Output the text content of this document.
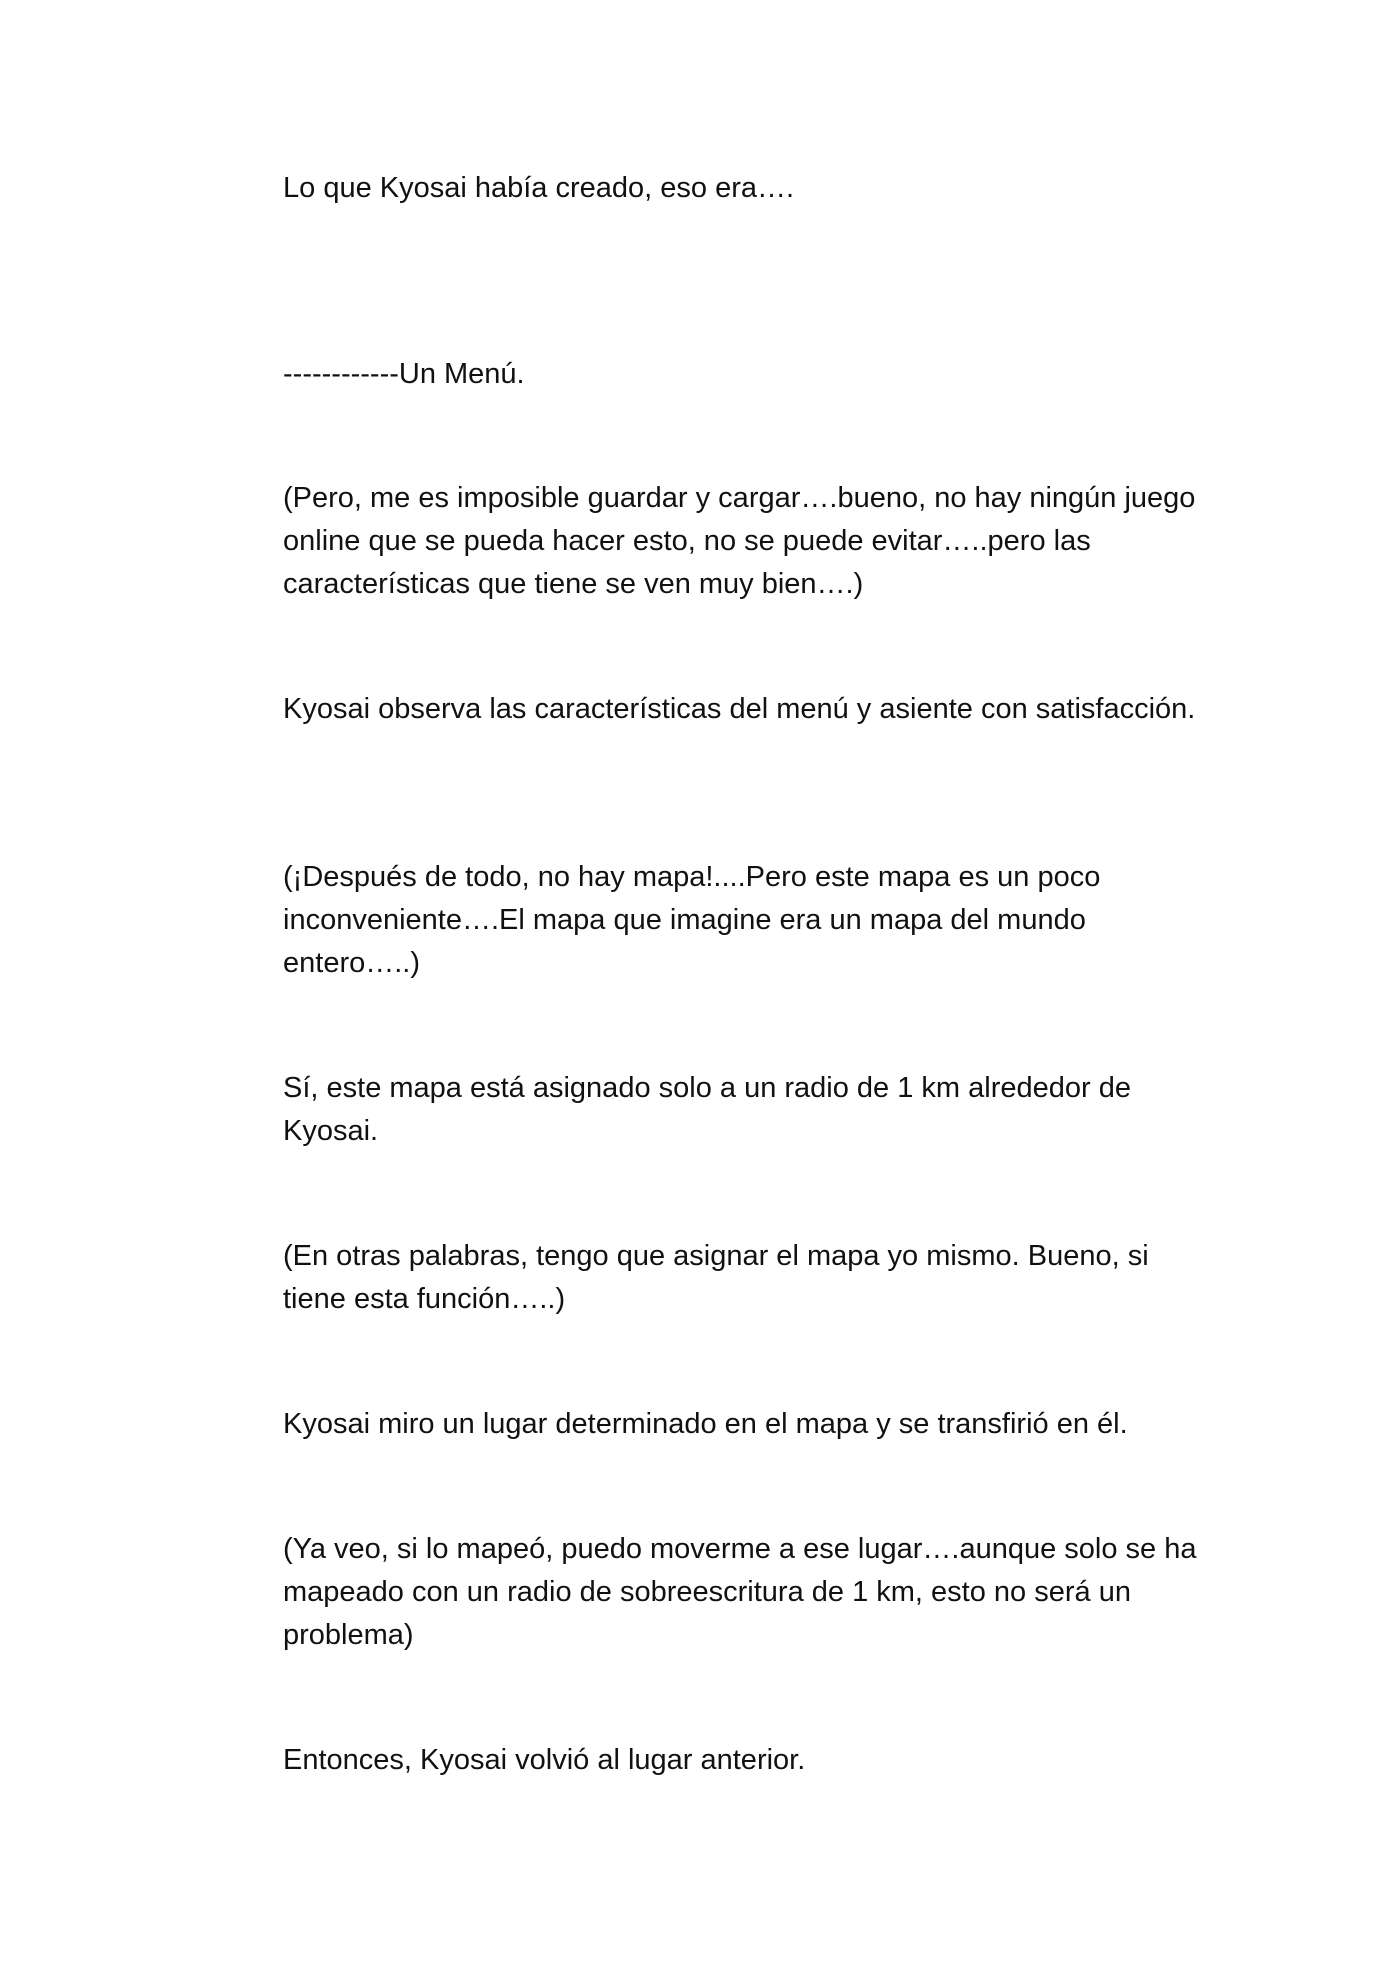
Lo que Kyosai había creado, eso era….

------------Un Menú.

(Pero, me es imposible guardar y cargar….bueno, no hay ningún juego online que se pueda hacer esto, no se puede evitar…..pero las características que tiene se ven muy bien….)

Kyosai observa las características del menú y asiente con satisfacción.

(¡Después de todo, no hay mapa!....Pero este mapa es un poco inconveniente….El mapa que imagine era un mapa del mundo entero…..)

Sí, este mapa está asignado solo a un radio de 1 km alrededor de Kyosai.

(En otras palabras, tengo que asignar el mapa yo mismo. Bueno, si tiene esta función…..)

Kyosai miro un lugar determinado en el mapa y se transfirió en él.

(Ya veo, si lo mapeó, puedo moverme a ese lugar….aunque solo se ha mapeado con un radio de sobreescritura de 1 km, esto no será un problema)

Entonces, Kyosai volvió al lugar anterior.
